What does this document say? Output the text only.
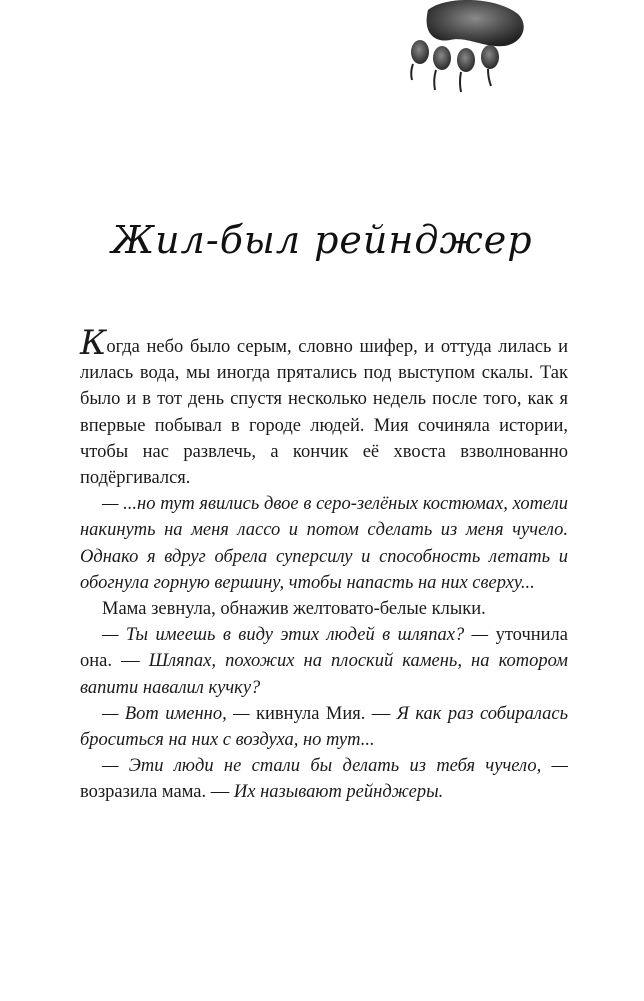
Жил-был рейнджер

Когда небо было серым, словно шифер, и оттуда лилась и лилась вода, мы иногда прятались под выступом скалы. Так было и в тот день спустя несколько недель после того, как я впервые побывал в городе людей. Мия сочиняла истории, чтобы нас развлечь, а кончик её хвоста взволнованно подёргивался.

— ...но тут явились двое в серо-зелёных костюмах, хотели накинуть на меня лассо и потом сделать из меня чучело. Однако я вдруг обрела суперсилу и способность летать и обогнула горную вершину, чтобы напасть на них сверху...

Мама зевнула, обнажив желтовато-белые клыки.

— Ты имеешь в виду этих людей в шляпах? — уточнила она. — Шляпах, похожих на плоский камень, на котором вапити навалил кучку?

— Вот именно, — кивнула Мия. — Я как раз собиралась броситься на них с воздуха, но тут...

— Эти люди не стали бы делать из тебя чучело, — возразила мама. — Их называют рейнджеры.
